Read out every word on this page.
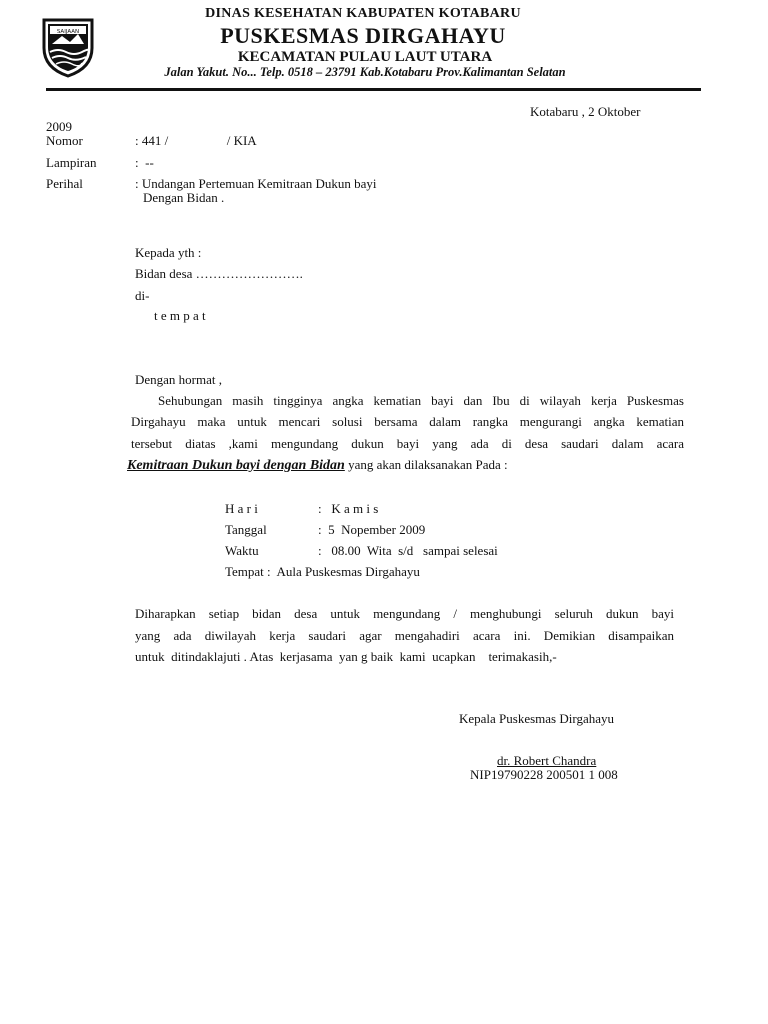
SAIJAAN
DINAS KESEHATAN KABUPATEN KOTABARU
PUSKESMAS DIRGAHAYU
KECAMATAN PULAU LAUT UTARA
Jalan Yakut. No... Telp. 0518 – 23791 Kab.Kotabaru Prov.Kalimantan Selatan
Kotabaru , 2 Oktober
2009
Nomor	: 441 /                  / KIA
Lampiran	:  --
Perihal	: Undangan Pertemuan Kemitraan Dukun bayi
Dengan Bidan .
Kepada yth :
Bidan desa …………………….
di-
t e m p a t
Dengan hormat ,
Sehubungan masih tingginya angka kematian bayi dan Ibu di wilayah kerja Puskesmas
Dirgahayu maka untuk mencari solusi bersama dalam rangka mengurangi angka kematian
tersebut diatas ,kami mengundang dukun bayi yang ada di desa saudari dalam acara
Kemitraan Dukun bayi dengan Bidan yang akan dilaksanakan Pada :
H a r i	:   K a m i s
Tanggal	:  5  Nopember 2009
Waktu	:   08.00  Wita  s/d   sampai selesai
Tempat :  Aula Puskesmas Dirgahayu
Diharapkan setiap bidan desa untuk mengundang / menghubungi seluruh dukun bayi
yang ada diwilayah kerja saudari agar mengahadiri acara ini. Demikian disampaikan
untuk  ditindaklajuti . Atas  kerjasama  yan g baik  kami  ucapkan    terimakasih,-
Kepala Puskesmas Dirgahayu
dr. Robert Chandra
NIP19790228 200501 1 008
